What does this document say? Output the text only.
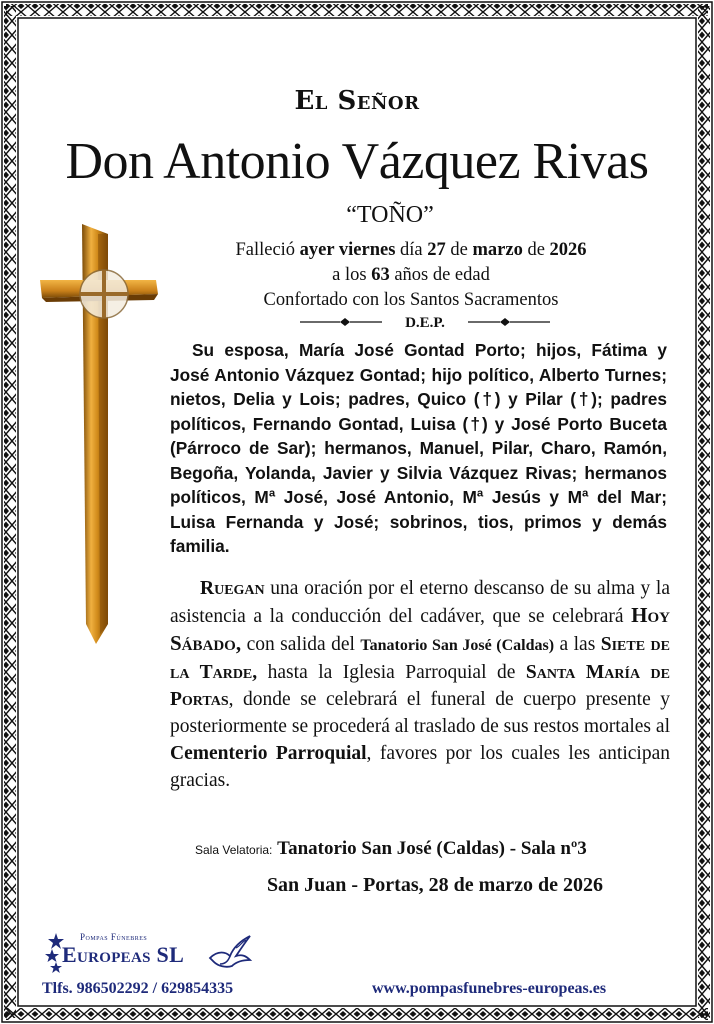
El Señor
Don Antonio Vázquez Rivas
“TOÑO”
Falleció ayer viernes día 27 de marzo de 2026
a los 63 años de edad
Confortado con los Santos Sacramentos
D.E.P.
Su esposa, María José Gontad Porto; hijos, Fátima y José Antonio Vázquez Gontad; hijo político, Alberto Turnes; nietos, Delia y Lois; padres, Quico (†) y Pilar (†); padres políticos, Fernando Gontad, Luisa (†) y José Porto Buceta (Párroco de Sar); hermanos, Manuel, Pilar, Charo, Ramón, Begoña, Yolanda, Javier y Silvia Vázquez Rivas; hermanos políticos, Mª José, José Antonio, Mª Jesús y Mª del Mar; Luisa Fernanda y José; sobrinos, tios, primos y demás familia.
Ruegan una oración por el eterno descanso de su alma y la asistencia a la conducción del cadáver, que se celebrará Hoy Sábado, con salida del Tanatorio San José (Caldas) a las Siete de la Tarde, hasta la Iglesia Parroquial de Santa María de Portas, donde se celebrará el funeral de cuerpo presente y posteriormente se procederá al traslado de sus restos mortales al Cementerio Parroquial, favores por los cuales les anticipan gracias.
Sala Velatoria: Tanatorio San José (Caldas) - Sala nº3
San Juan - Portas, 28 de marzo de 2026
Pompas Fúnebres
Europeas SL
Tlfs. 986502292 / 629854335	www.pompasfunebres-europeas.es
